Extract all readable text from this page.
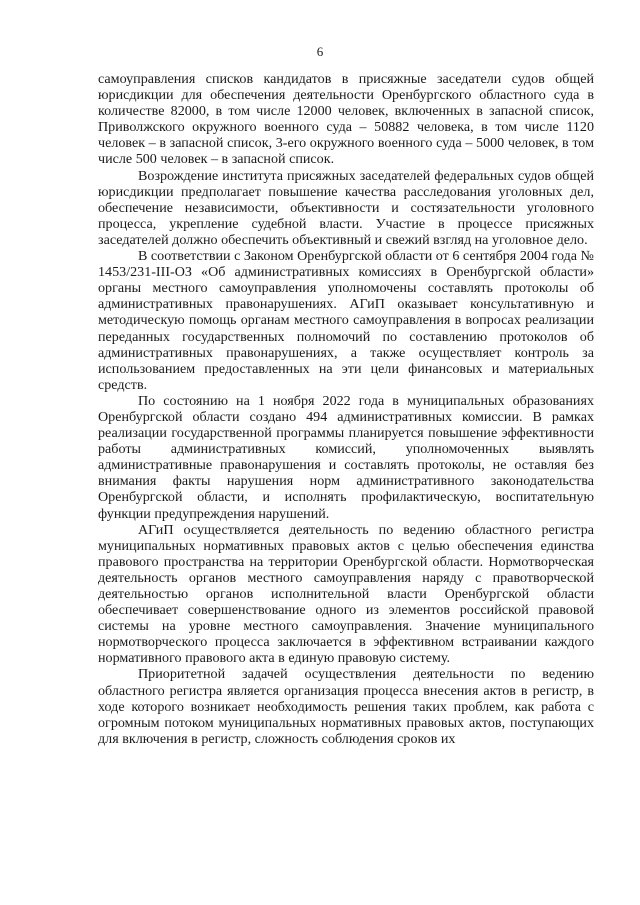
6

самоуправления списков кандидатов в присяжные заседатели судов общей юрисдикции для обеспечения деятельности Оренбургского областного суда в количестве 82000, в том числе 12000 человек, включенных в запасной список, Приволжского окружного военного суда – 50882 человека, в том числе 1120 человек – в запасной список, 3-его окружного военного суда – 5000 человек, в том числе 500 человек – в запасной список.

Возрождение института присяжных заседателей федеральных судов общей юрисдикции предполагает повышение качества расследования уголовных дел, обеспечение независимости, объективности и состязательности уголовного процесса, укрепление судебной власти. Участие в процессе присяжных заседателей должно обеспечить объективный и свежий взгляд на уголовное дело.

В соответствии с Законом Оренбургской области от 6 сентября 2004 года № 1453/231-III-ОЗ «Об административных комиссиях в Оренбургской области» органы местного самоуправления уполномочены составлять протоколы об административных правонарушениях. АГиП оказывает консультативную и методическую помощь органам местного самоуправления в вопросах реализации переданных государственных полномочий по составлению протоколов об административных правонарушениях, а также осуществляет контроль за использованием предоставленных на эти цели финансовых и материальных средств.

По состоянию на 1 ноября 2022 года в муниципальных образованиях Оренбургской области создано 494 административных комиссии. В рамках реализации государственной программы планируется повышение эффективности работы административных комиссий, уполномоченных выявлять административные правонарушения и составлять протоколы, не оставляя без внимания факты нарушения норм административного законодательства Оренбургской области, и исполнять профилактическую, воспитательную функции предупреждения нарушений.

АГиП осуществляется деятельность по ведению областного регистра муниципальных нормативных правовых актов с целью обеспечения единства правового пространства на территории Оренбургской области. Нормотворческая деятельность органов местного самоуправления наряду с правотворческой деятельностью органов исполнительной власти Оренбургской области обеспечивает совершенствование одного из элементов российской правовой системы на уровне местного самоуправления. Значение муниципального нормотворческого процесса заключается в эффективном встраивании каждого нормативного правового акта в единую правовую систему.

Приоритетной задачей осуществления деятельности по ведению областного регистра является организация процесса внесения актов в регистр, в ходе которого возникает необходимость решения таких проблем, как работа с огромным потоком муниципальных нормативных правовых актов, поступающих для включения в регистр, сложность соблюдения сроков их
